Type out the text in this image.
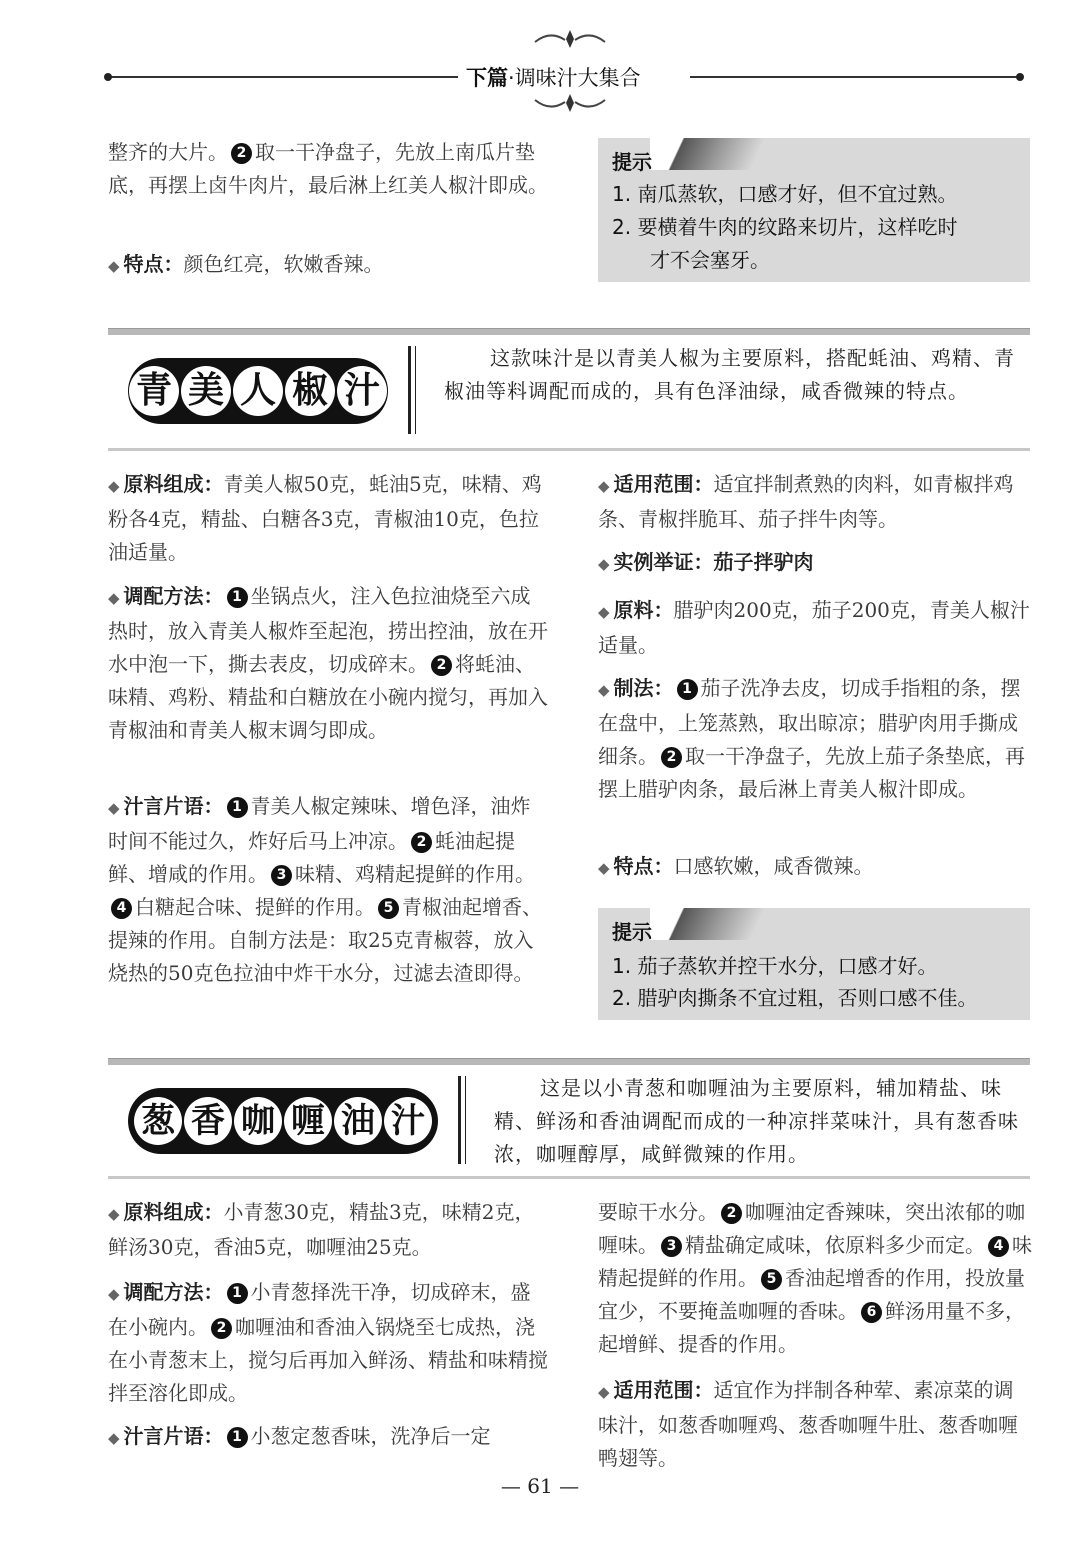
下篇·调味汁大集合
整齐的大片。 2 取一干净盘子，先放上南瓜片垫底，再摆上卤牛肉片，最后淋上红美人椒汁即成。
◆ 特点：颜色红亮，软嫩香辣。
提示
1. 南瓜蒸软，口感才好，但不宜过熟。
2. 要横着牛肉的纹路来切片，这样吃时
才不会塞牙。
青 美 人 椒 汁
这款味汁是以青美人椒为主要原料，搭配蚝油、鸡精、青椒油等料调配而成的，具有色泽油绿，咸香微辣的特点。
◆ 原料组成：青美人椒50克，蚝油5克，味精、鸡粉各4克，精盐、白糖各3克，青椒油10克，色拉油适量。
◆ 调配方法： 1 坐锅点火，注入色拉油烧至六成热时，放入青美人椒炸至起泡，捞出控油，放在开水中泡一下，撕去表皮，切成碎末。 2 将蚝油、味精、鸡粉、精盐和白糖放在小碗内搅匀，再加入青椒油和青美人椒末调匀即成。
◆ 汁言片语： 1 青美人椒定辣味、增色泽，油炸时间不能过久，炸好后马上冲凉。 2 蚝油起提鲜、增咸的作用。 3 味精、鸡精起提鲜的作用。4 白糖起合味、提鲜的作用。 5 青椒油起增香、提辣的作用。自制方法是：取25克青椒蓉，放入烧热的50克色拉油中炸干水分，过滤去渣即得。
◆ 适用范围：适宜拌制煮熟的肉料，如青椒拌鸡条、青椒拌脆耳、茄子拌牛肉等。
◆ 实例举证：茄子拌驴肉
◆ 原料：腊驴肉200克，茄子200克，青美人椒汁适量。
◆ 制法： 1 茄子洗净去皮，切成手指粗的条，摆在盘中，上笼蒸熟，取出晾凉；腊驴肉用手撕成细条。 2 取一干净盘子，先放上茄子条垫底，再摆上腊驴肉条，最后淋上青美人椒汁即成。
◆ 特点：口感软嫩，咸香微辣。
提示
1. 茄子蒸软并控干水分，口感才好。
2. 腊驴肉撕条不宜过粗，否则口感不佳。
葱 香 咖 喱 油 汁
这是以小青葱和咖喱油为主要原料，辅加精盐、味精、鲜汤和香油调配而成的一种凉拌菜味汁，具有葱香味浓，咖喱醇厚，咸鲜微辣的作用。
◆ 原料组成：小青葱30克，精盐3克，味精2克，鲜汤30克，香油5克，咖喱油25克。
◆ 调配方法： 1 小青葱择洗干净，切成碎末，盛在小碗内。 2 咖喱油和香油入锅烧至七成热，浇在小青葱末上，搅匀后再加入鲜汤、精盐和味精搅拌至溶化即成。
◆ 汁言片语： 1 小葱定葱香味，洗净后一定
要晾干水分。 2 咖喱油定香辣味，突出浓郁的咖喱味。 3 精盐确定咸味，依原料多少而定。 4 味精起提鲜的作用。 5 香油起增香的作用，投放量宜少，不要掩盖咖喱的香味。 6 鲜汤用量不多，起增鲜、提香的作用。
◆ 适用范围：适宜作为拌制各种荤、素凉菜的调味汁，如葱香咖喱鸡、葱香咖喱牛肚、葱香咖喱鸭翅等。
— 61 —
